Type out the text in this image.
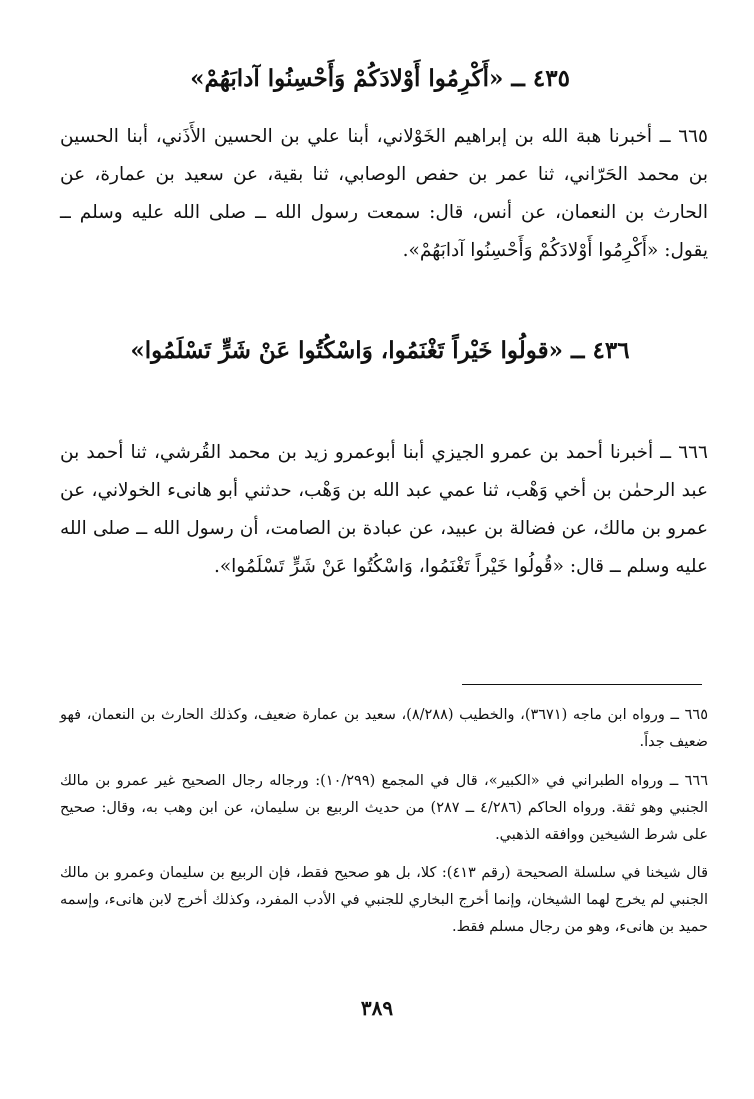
٤٣٥ ــ «أَكْرِمُوا أَوْلادَكُمْ وَأَحْسِنُوا آدابَهُمْ»
٦٦٥ ــ أخبرنا هبة الله بن إبراهيم الخَوْلاني، أبنا علي بن الحسين الأَذَني، أبنا الحسين بن محمد الحَرّاني، ثنا عمر بن حفص الوصابي، ثنا بقية، عن سعيد بن عمارة، عن الحارث بن النعمان، عن أنس، قال: سمعت رسول الله ــ صلى الله عليه وسلم ــ يقول: «أَكْرِمُوا أَوْلادَكُمْ وَأَحْسِنُوا آدابَهُمْ».
٤٣٦ ــ «قولُوا خَيْراً تَغْنَمُوا، وَاسْكُتُوا عَنْ شَرٍّ تَسْلَمُوا»
٦٦٦ ــ أخبرنا أحمد بن عمرو الجيزي أبنا أبوعمرو زيد بن محمد القُرشي، ثنا أحمد بن عبد الرحمٰن بن أخي وَهْب، ثنا عمي عبد الله بن وَهْب، حدثني أبو هانىء الخولاني، عن عمرو بن مالك، عن فضالة بن عبيد، عن عبادة بن الصامت، أن رسول الله ــ صلى الله عليه وسلم ــ قال: «قُولُوا خَيْراً تَغْنَمُوا، وَاسْكُتُوا عَنْ شَرٍّ تَسْلَمُوا».
٦٦٥ ــ ورواه ابن ماجه (٣٦٧١)، والخطيب (٨/٢٨٨)، سعيد بن عمارة ضعيف، وكذلك الحارث بن النعمان، فهو ضعيف جداً.
٦٦٦ ــ ورواه الطبراني في «الكبير»، قال في المجمع (١٠/٢٩٩): ورجاله رجال الصحيح غير عمرو بن مالك الجنبي وهو ثقة. ورواه الحاكم (٤/٢٨٦ ــ ٢٨٧) من حديث الربيع بن سليمان، عن ابن وهب به، وقال: صحيح على شرط الشيخين ووافقه الذهبي.
قال شيخنا في سلسلة الصحيحة (رقم ٤١٣): كلا، بل هو صحيح فقط، فإن الربيع بن سليمان وعمرو بن مالك الجنبي لم يخرج لهما الشيخان، وإنما أخرج البخاري للجنبي في الأدب المفرد، وكذلك أخرج لابن هانىء، وإسمه حميد بن هانىء، وهو من رجال مسلم فقط.
٣٨٩
